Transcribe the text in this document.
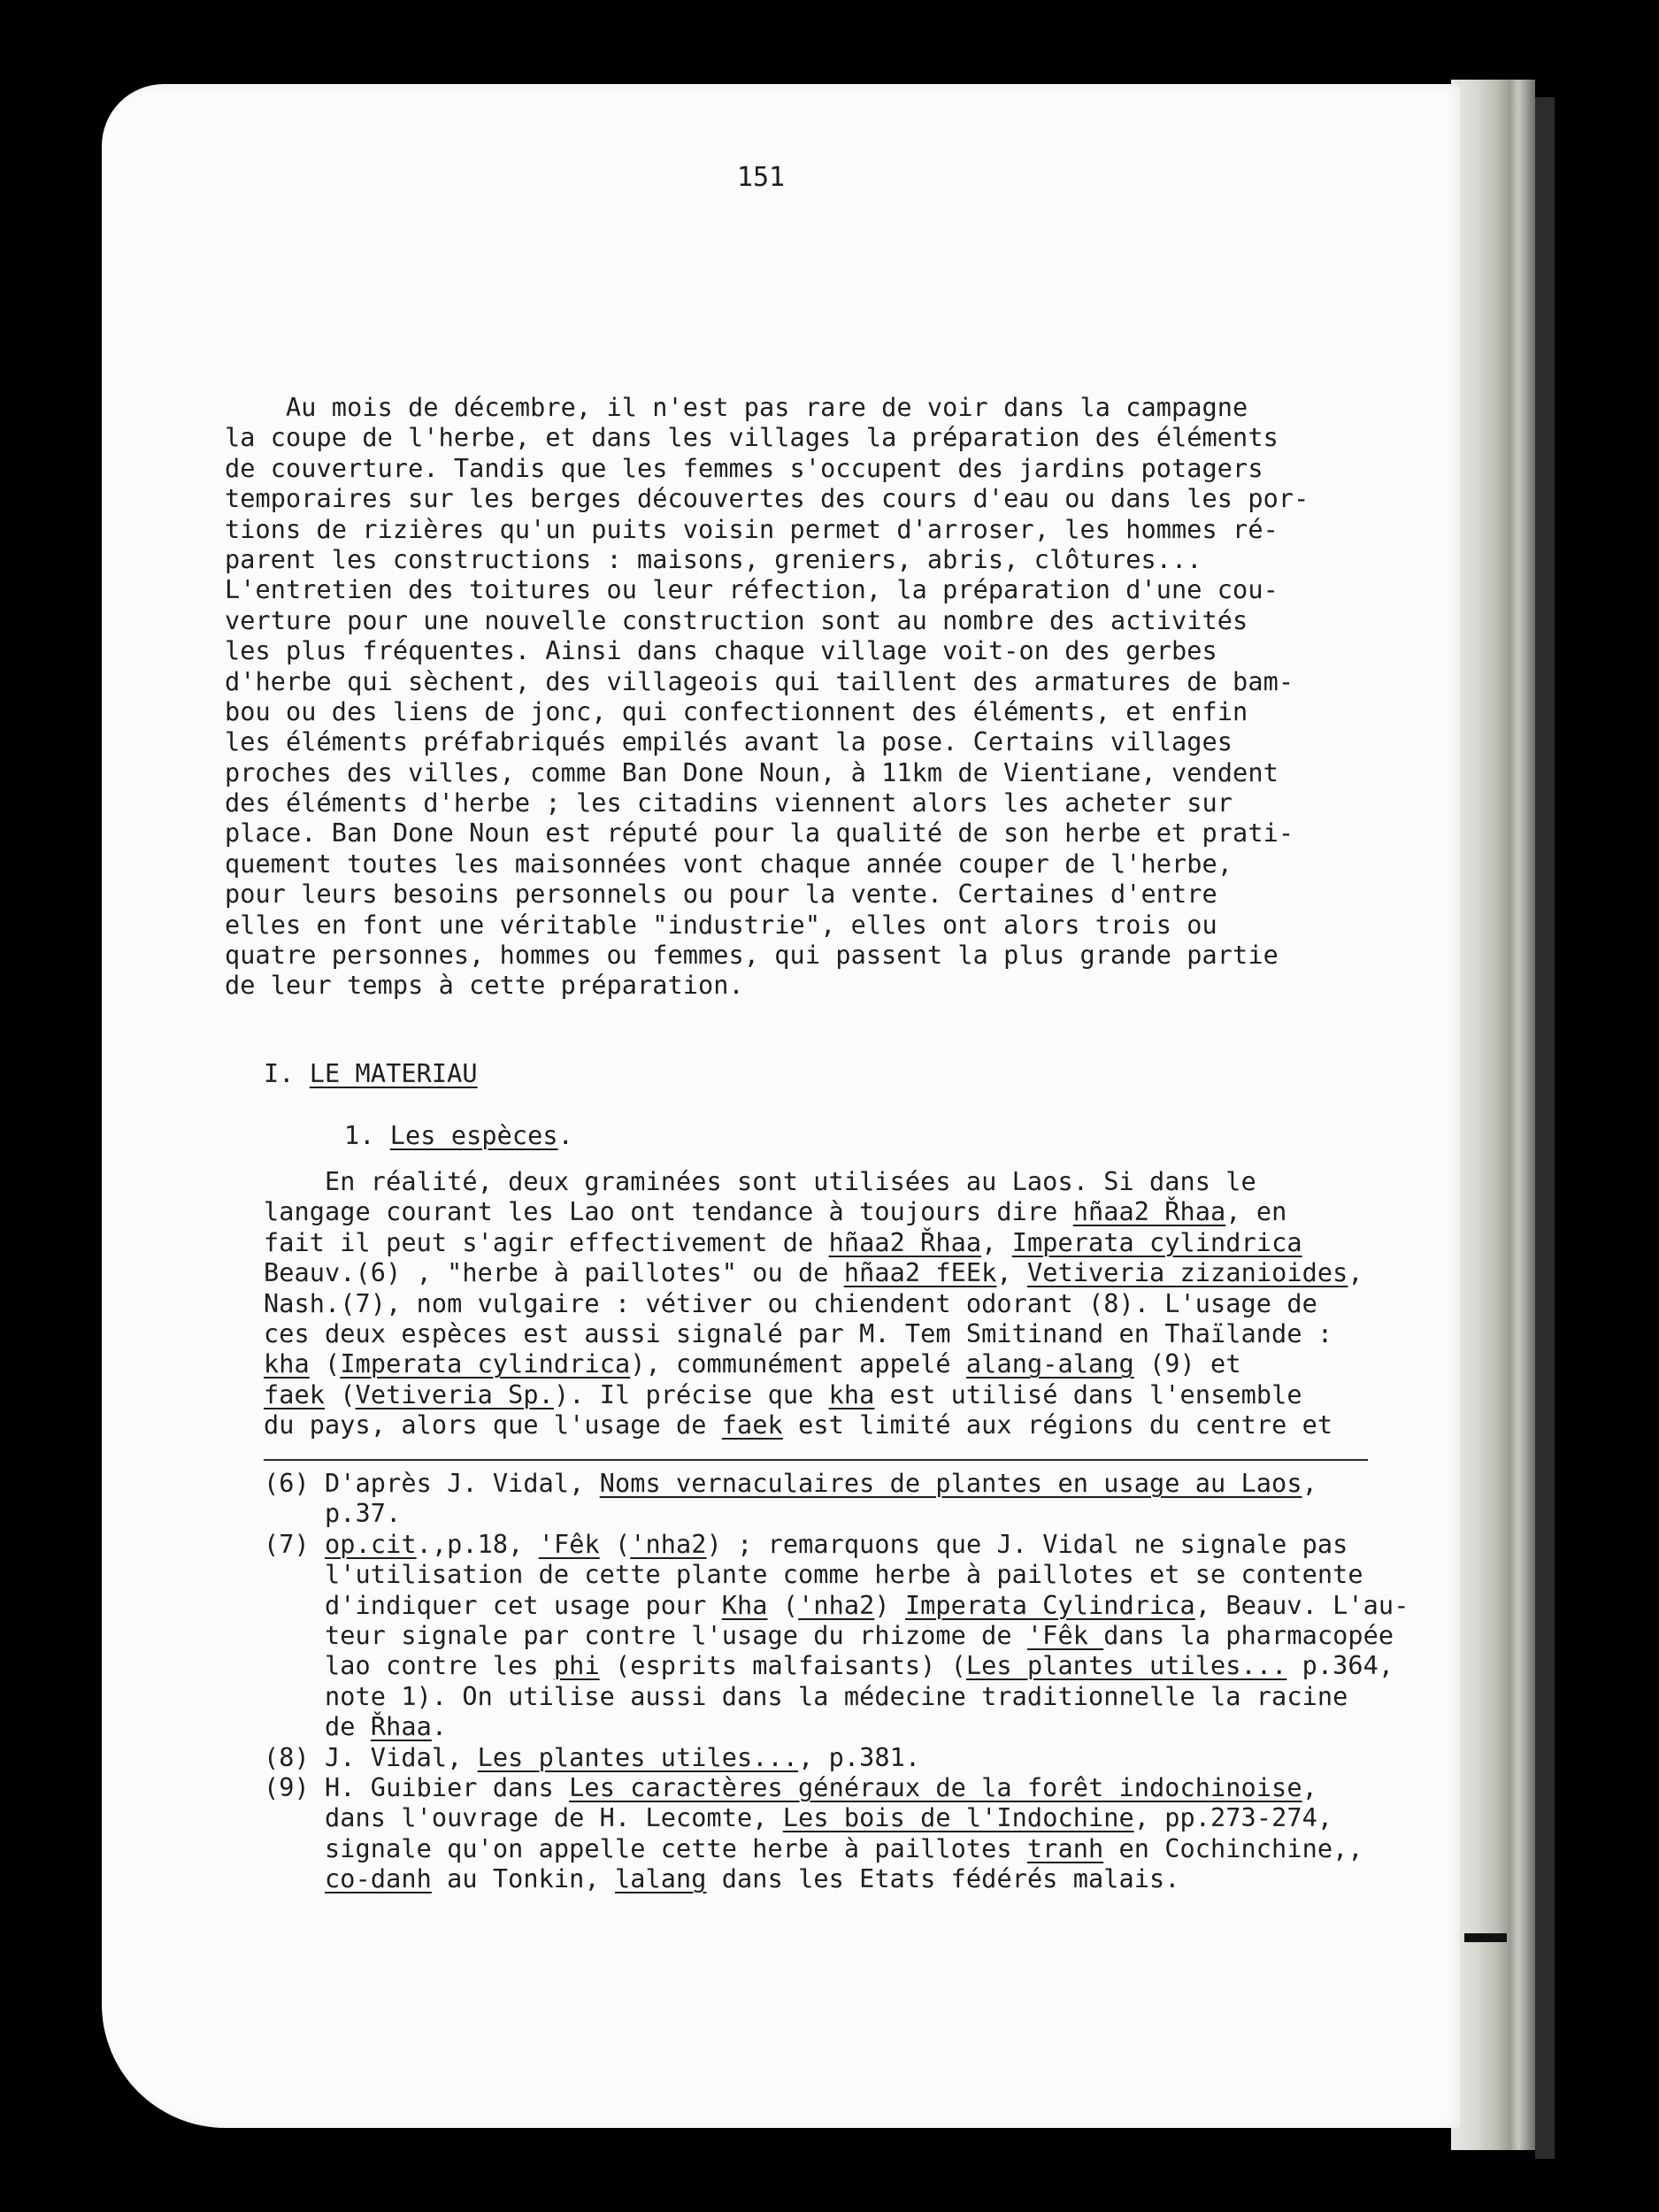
151
Au mois de décembre, il n'est pas rare de voir dans la campagne
la coupe de l'herbe, et dans les villages la préparation des éléments
de couverture. Tandis que les femmes s'occupent des jardins potagers
temporaires sur les berges découvertes des cours d'eau ou dans les por-
tions de rizières qu'un puits voisin permet d'arroser, les hommes ré-
parent les constructions : maisons, greniers, abris, clôtures...
L'entretien des toitures ou leur réfection, la préparation d'une cou-
verture pour une nouvelle construction sont au nombre des activités
les plus fréquentes. Ainsi dans chaque village voit-on des gerbes
d'herbe qui sèchent, des villageois qui taillent des armatures de bam-
bou ou des liens de jonc, qui confectionnent des éléments, et enfin
les éléments préfabriqués empilés avant la pose. Certains villages
proches des villes, comme Ban Done Noun, à 11km de Vientiane, vendent
des éléments d'herbe ; les citadins viennent alors les acheter sur
place. Ban Done Noun est réputé pour la qualité de son herbe et prati-
quement toutes les maisonnées vont chaque année couper de l'herbe,
pour leurs besoins personnels ou pour la vente. Certaines d'entre
elles en font une véritable "industrie", elles ont alors trois ou
quatre personnes, hommes ou femmes, qui passent la plus grande partie
de leur temps à cette préparation.
I. LE MATERIAU
1. Les espèces.
En réalité, deux graminées sont utilisées au Laos. Si dans le
langage courant les Lao ont tendance à toujours dire hñaa2 Řhaa, en
fait il peut s'agir effectivement de hñaa2 Řhaa, Imperata cylindrica
Beauv.(6) , "herbe à paillotes" ou de hñaa2 fEEk, Vetiveria zizanioides,
Nash.(7), nom vulgaire : vétiver ou chiendent odorant (8). L'usage de
ces deux espèces est aussi signalé par M. Tem Smitinand en Thaïlande :
kha (Imperata cylindrica), communément appelé alang-alang (9) et
faek (Vetiveria Sp.). Il précise que kha est utilisé dans l'ensemble
du pays, alors que l'usage de faek est limité aux régions du centre et
(6) D'après J. Vidal, Noms vernaculaires de plantes en usage au Laos,
p.37.
(7) op.cit.,p.18, 'Fêk ('nha2) ; remarquons que J. Vidal ne signale pas
l'utilisation de cette plante comme herbe à paillotes et se contente
d'indiquer cet usage pour Kha ('nha2) Imperata Cylindrica, Beauv. L'au-
teur signale par contre l'usage du rhizome de 'Fêk dans la pharmacopée
lao contre les phi (esprits malfaisants) (Les plantes utiles... p.364,
note 1). On utilise aussi dans la médecine traditionnelle la racine
de Řhaa.
(8) J. Vidal, Les plantes utiles..., p.381.
(9) H. Guibier dans Les caractères généraux de la forêt indochinoise,
dans l'ouvrage de H. Lecomte, Les bois de l'Indochine, pp.273-274,
signale qu'on appelle cette herbe à paillotes tranh en Cochinchine,,
co-danh au Tonkin, lalang dans les Etats fédérés malais.
